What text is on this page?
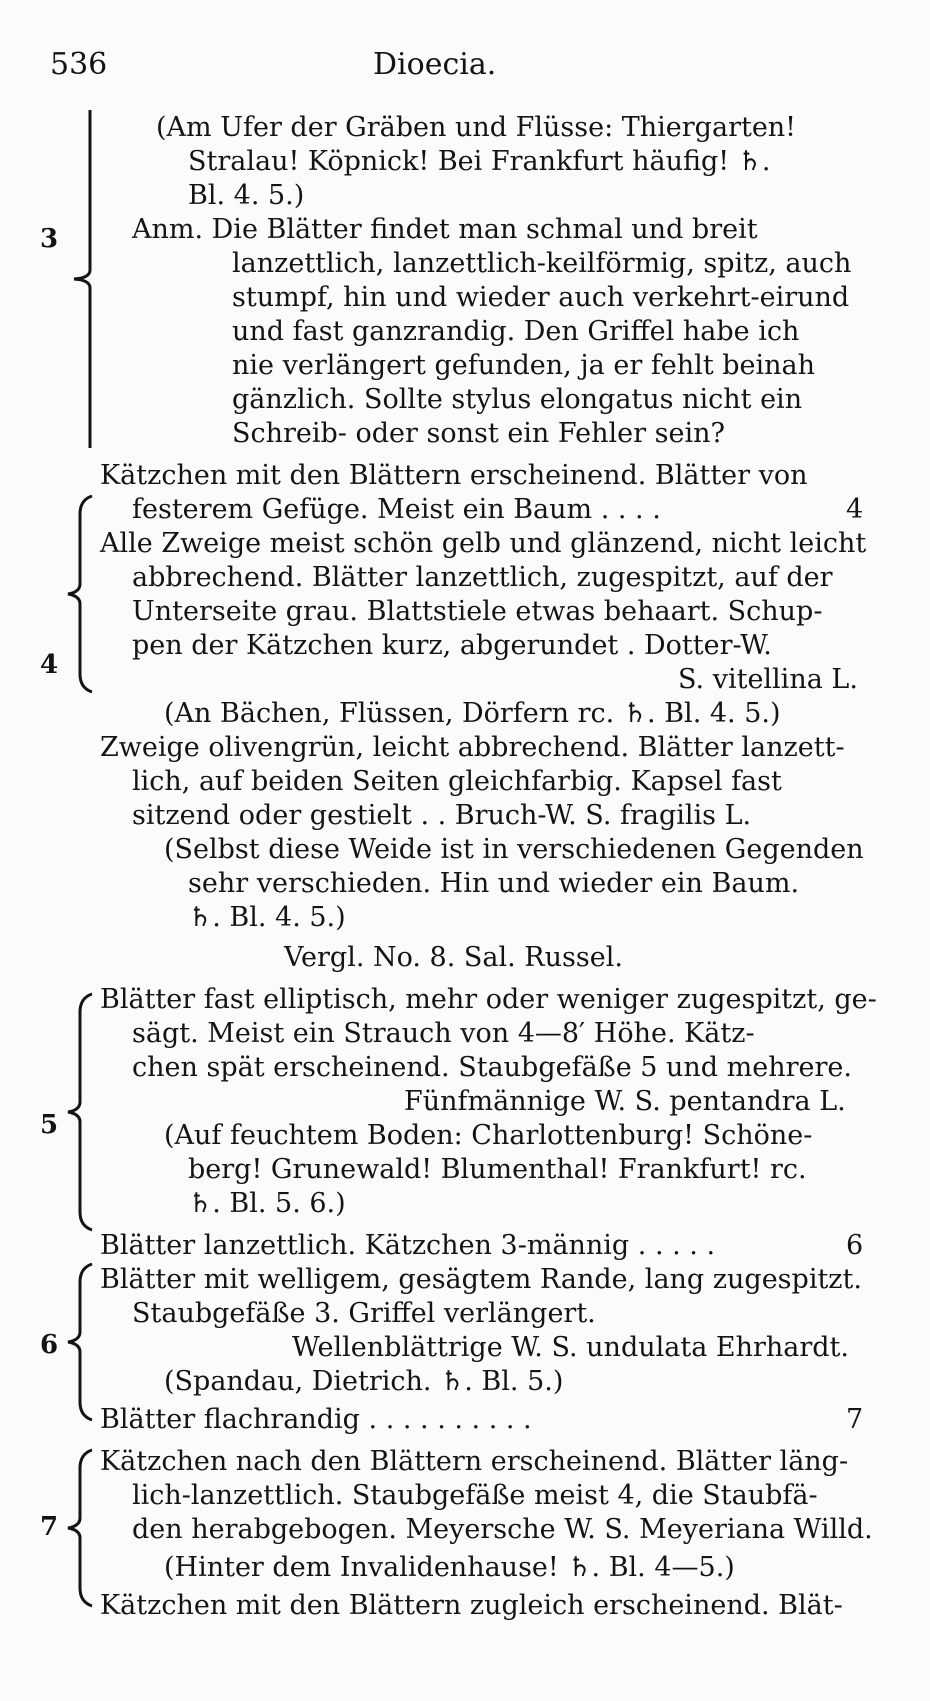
536	Dioecia.
3
4
5
6
7
(Am Ufer der Gräben und Flüsse: Thiergarten!
Stralau! Köpnick! Bei Frankfurt häufig! ♄.
Bl. 4. 5.)
Anm. Die Blätter findet man schmal und breit
lanzettlich, lanzettlich-keilförmig, spitz, auch
stumpf, hin und wieder auch verkehrt-eirund
und fast ganzrandig. Den Griffel habe ich
nie verlängert gefunden, ja er fehlt beinah
gänzlich. Sollte stylus elongatus nicht ein
Schreib- oder sonst ein Fehler sein?
Kätzchen mit den Blättern erscheinend. Blätter von
festerem Gefüge. Meist ein Baum . . . .	4
Alle Zweige meist schön gelb und glänzend, nicht leicht
abbrechend. Blätter lanzettlich, zugespitzt, auf der
Unterseite grau. Blattstiele etwas behaart. Schup-
pen der Kätzchen kurz, abgerundet . Dotter-W.
S. vitellina L.
(An Bächen, Flüssen, Dörfern rc. ♄. Bl. 4. 5.)
Zweige olivengrün, leicht abbrechend. Blätter lanzett-
lich, auf beiden Seiten gleichfarbig. Kapsel fast
sitzend oder gestielt . . Bruch-W. S. fragilis L.
(Selbst diese Weide ist in verschiedenen Gegenden
sehr verschieden. Hin und wieder ein Baum.
♄. Bl. 4. 5.)
Vergl. No. 8. Sal. Russel.
Blätter fast elliptisch, mehr oder weniger zugespitzt, ge-
sägt. Meist ein Strauch von 4—8′ Höhe. Kätz-
chen spät erscheinend. Staubgefäße 5 und mehrere.
Fünfmännige W. S. pentandra L.
(Auf feuchtem Boden: Charlottenburg! Schöne-
berg! Grunewald! Blumenthal! Frankfurt! rc.
♄. Bl. 5. 6.)
Blätter lanzettlich. Kätzchen 3-männig . . . . .	6
Blätter mit welligem, gesägtem Rande, lang zugespitzt.
Staubgefäße 3. Griffel verlängert.
Wellenblättrige W. S. undulata Ehrhardt.
(Spandau, Dietrich. ♄. Bl. 5.)
Blätter flachrandig . . . . . . . . . .	7
Kätzchen nach den Blättern erscheinend. Blätter läng-
lich-lanzettlich. Staubgefäße meist 4, die Staubfä-
den herabgebogen. Meyersche W. S. Meyeriana Willd.
(Hinter dem Invalidenhause! ♄. Bl. 4—5.)
Kätzchen mit den Blättern zugleich erscheinend. Blät-
